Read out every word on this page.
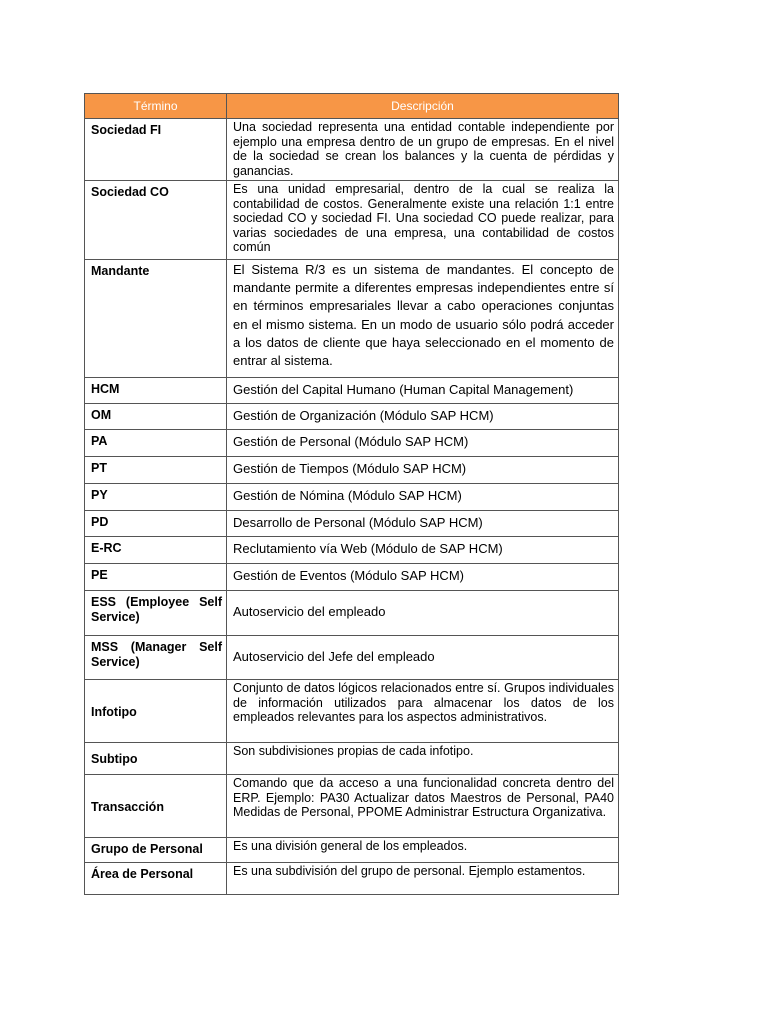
Término	Descripción
Sociedad FI	Una sociedad representa una entidad contable independiente por ejemplo una empresa dentro de un grupo de empresas. En el nivel de la sociedad se crean los balances y la cuenta de pérdidas y ganancias.
Sociedad CO	Es una unidad empresarial, dentro de la cual se realiza la contabilidad de costos. Generalmente existe una relación 1:1 entre sociedad CO y sociedad FI. Una sociedad CO puede realizar, para varias sociedades de una empresa, una contabilidad de costos común
Mandante	El Sistema R/3 es un sistema de mandantes. El concepto de mandante permite a diferentes empresas independientes entre sí en términos empresariales llevar a cabo operaciones conjuntas en el mismo sistema. En un modo de usuario sólo podrá acceder a los datos de cliente que haya seleccionado en el momento de entrar al sistema.
HCM	Gestión del Capital Humano (Human Capital Management)
OM	Gestión de Organización (Módulo SAP HCM)
PA	Gestión de Personal (Módulo SAP HCM)
PT	Gestión de Tiempos (Módulo SAP HCM)
PY	Gestión de Nómina (Módulo SAP HCM)
PD	Desarrollo de Personal (Módulo SAP HCM)
E-RC	Reclutamiento vía Web (Módulo de SAP HCM)
PE	Gestión de Eventos (Módulo SAP HCM)
ESS (Employee Self Service)	Autoservicio del empleado
MSS (Manager Self Service)	Autoservicio del Jefe del empleado
Infotipo	Conjunto de datos lógicos relacionados entre sí. Grupos individuales de información utilizados para almacenar los datos de los empleados relevantes para los aspectos administrativos.
Subtipo	Son subdivisiones propias de cada infotipo.
Transacción	Comando que da acceso a una funcionalidad concreta dentro del ERP. Ejemplo: PA30 Actualizar datos Maestros de Personal, PA40 Medidas de Personal, PPOME Administrar Estructura Organizativa.
Grupo de Personal	Es una división general de los empleados.
Área de Personal	Es una subdivisión del grupo de personal. Ejemplo estamentos.
